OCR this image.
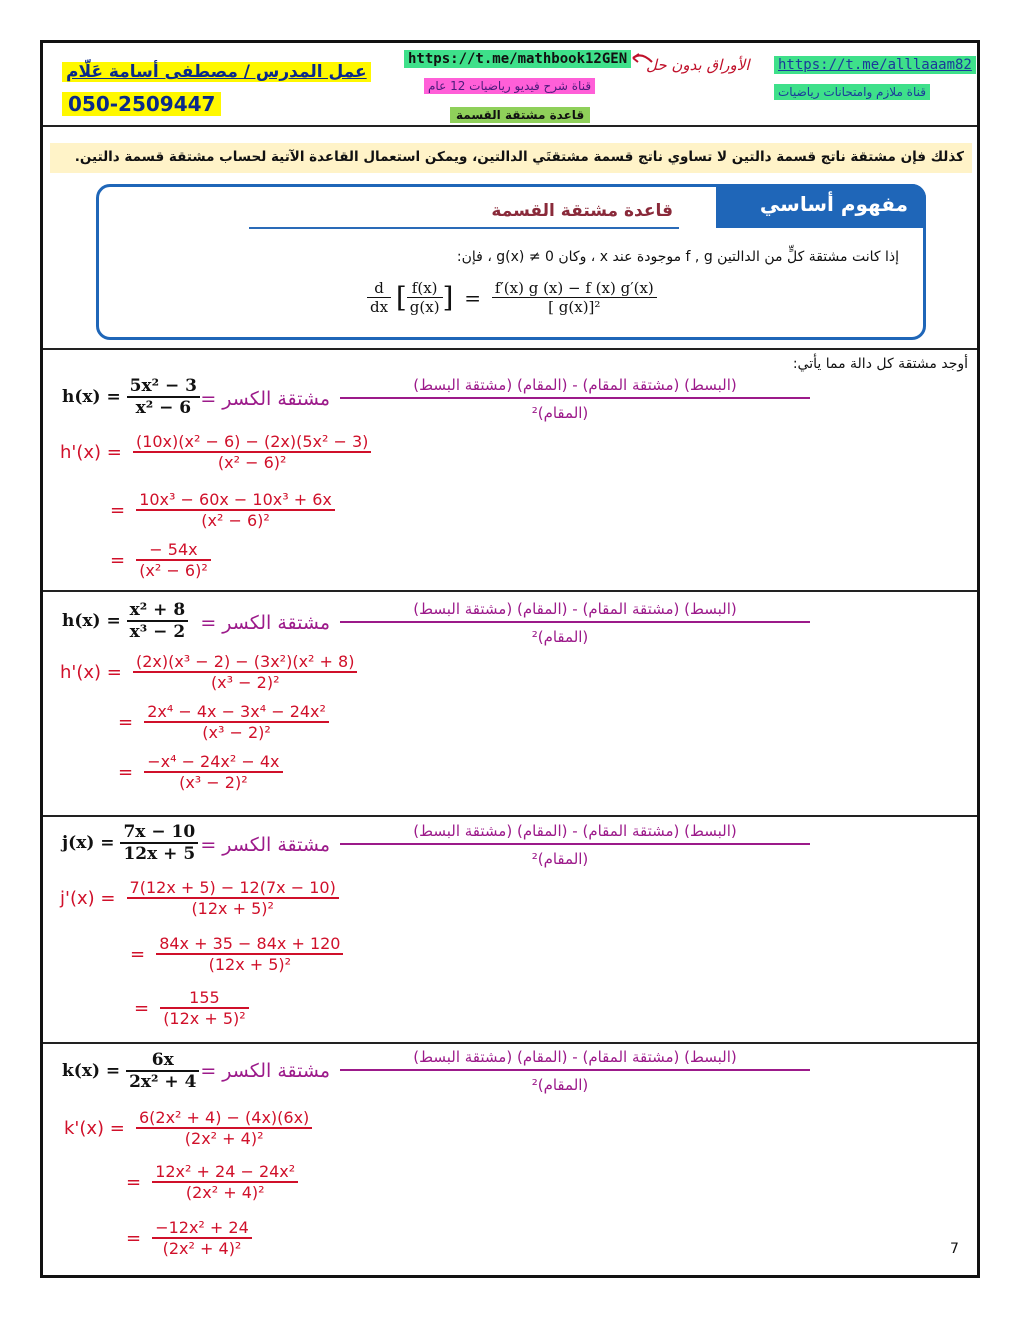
عمل المدرس / مصطفى أسامة عَلّام
050-2509447
https://t.me/mathbook12GEN
قناة شرح فيديو رياضيات 12 عام
قاعدة مشتقة القسمة
الأوراق بدون حل https://t.me/alllaaam82
قناة ملازم وامتحانات رياضيات
كذلك فإن مشتقة ناتج قسمة دالتين لا تساوي ناتج قسمة مشتقتَي الدالتين، ويمكن استعمال القاعدة الآتية لحساب مشتقة قسمة دالتين.
مفهوم أساسي
قاعدة مشتقة القسمة
إذا كانت مشتقة كلٍّ من الدالتين f , g موجودة عند x ، وكان g(x) ≠ 0 ، فإن:
$\frac{d}{dx}$ [ $\frac{f(x)}{g(x)}$ ] = $\frac{f'(x) g (x) - f (x) g'(x)}{\text{[ g(x)]²}}$
أوجد مشتقة كل دالة مما يأتي:
$h(x) = \frac{\text{5x² − 3}}{\text{x² − 6}}$ مشتقة الكسر =
(البسط) (مشتقة المقام) - (المقام) (مشتقة البسط)
(المقام)²
$h'(x) = \frac{\text{(10x)(x² − 6) − (2x)(5x² − 3)}}{\text{(x² − 6)²}}$
= $\frac{\text{10x³ − 60x − 10x³ + 6x}}{\text{(x² − 6)²}}$
= $\frac{- 54x}{\text{(x² − 6)²}}$
$h(x) = \frac{\text{x² + 8}}{\text{x³ − 2}}$ مشتقة الكسر =
(البسط) (مشتقة المقام) - (المقام) (مشتقة البسط)
(المقام)²
$h'(x) = \frac{\text{(2x)(x³ − 2) − (3x²)(x² + 8)}}{\text{(x³ − 2)²}}$
= $\frac{\text{2x⁴ − 4x − 3x⁴ − 24x²}}{\text{(x³ − 2)²}}$
= $\frac{\text{−x⁴ − 24x² − 4x}}{\text{(x³ − 2)²}}$
$j(x) = \frac{7x - 10}{12x + 5}$ مشتقة الكسر =
(البسط) (مشتقة المقام) - (المقام) (مشتقة البسط)
(المقام)²
$j'(x) = \frac{7(12x + 5) - 12(7x - 10)}{\text{(12x + 5)²}}$
= $\frac{84x + 35 - 84x + 120}{\text{(12x + 5)²}}$
= $\frac{155}{\text{(12x + 5)²}}$
$k(x) = \frac{6x}{\text{2x² + 4}}$ مشتقة الكسر =
(البسط) (مشتقة المقام) - (المقام) (مشتقة البسط)
(المقام)²
$k'(x) = \frac{\text{6(2x² + 4) − (4x)(6x)}}{\text{(2x² + 4)²}}$
= $\frac{\text{12x² + 24 − 24x²}}{\text{(2x² + 4)²}}$
= $\frac{\text{−12x² + 24}}{\text{(2x² + 4)²}}$	7
